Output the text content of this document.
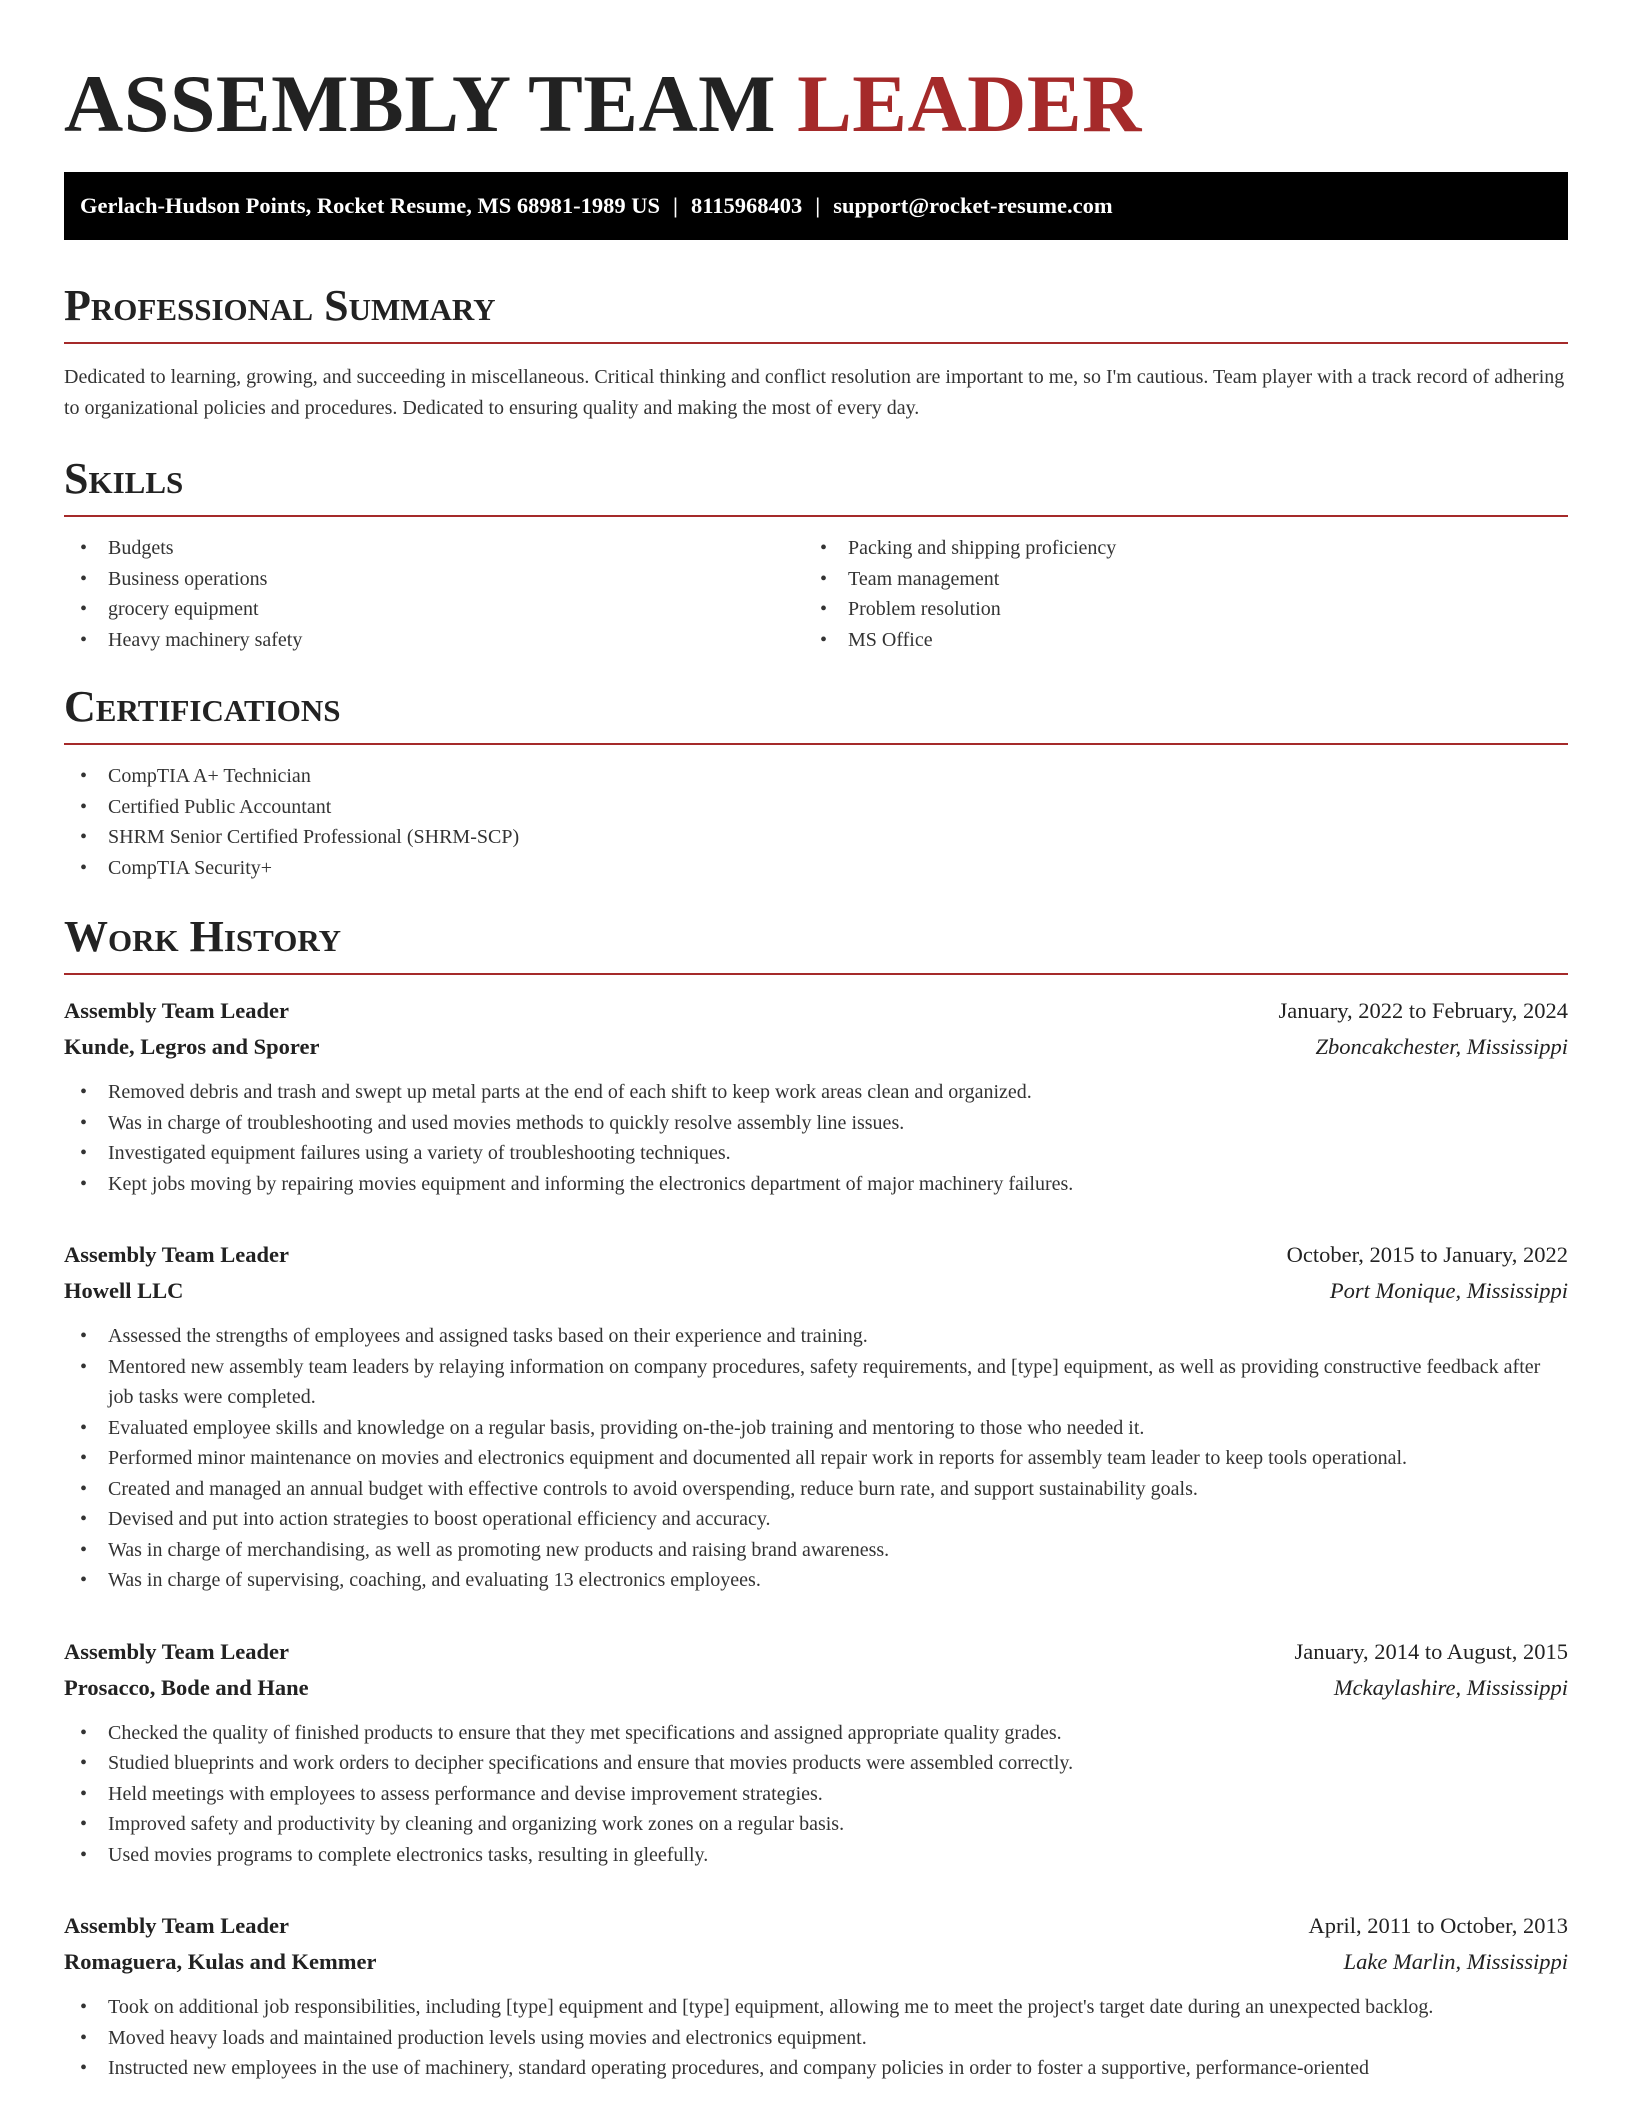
ASSEMBLY TEAM LEADER
Gerlach-Hudson Points, Rocket Resume, MS 68981-1989 US | 8115968403 | support@rocket-resume.com
Professional Summary

Dedicated to learning, growing, and succeeding in miscellaneous. Critical thinking and conflict resolution are important to me, so I'm cautious. Team player with a track record of adhering to organizational policies and procedures. Dedicated to ensuring quality and making the most of every day.

Skills
• Budgets
• Business operations
• grocery equipment
• Heavy machinery safety
• Packing and shipping proficiency
• Team management
• Problem resolution
• MS Office
Certifications
• CompTIA A+ Technician
• Certified Public Accountant
• SHRM Senior Certified Professional (SHRM-SCP)
• CompTIA Security+
Work History
Assembly Team Leader	January, 2022 to February, 2024
Kunde, Legros and Sporer	Zboncakchester, Mississippi
• Removed debris and trash and swept up metal parts at the end of each shift to keep work areas clean and organized.
• Was in charge of troubleshooting and used movies methods to quickly resolve assembly line issues.
• Investigated equipment failures using a variety of troubleshooting techniques.
• Kept jobs moving by repairing movies equipment and informing the electronics department of major machinery failures.
Assembly Team Leader	October, 2015 to January, 2022
Howell LLC	Port Monique, Mississippi
• Assessed the strengths of employees and assigned tasks based on their experience and training.
• Mentored new assembly team leaders by relaying information on company procedures, safety requirements, and [type] equipment, as well as providing constructive feedback after job tasks were completed.
• Evaluated employee skills and knowledge on a regular basis, providing on-the-job training and mentoring to those who needed it.
• Performed minor maintenance on movies and electronics equipment and documented all repair work in reports for assembly team leader to keep tools operational.
• Created and managed an annual budget with effective controls to avoid overspending, reduce burn rate, and support sustainability goals.
• Devised and put into action strategies to boost operational efficiency and accuracy.
• Was in charge of merchandising, as well as promoting new products and raising brand awareness.
• Was in charge of supervising, coaching, and evaluating 13 electronics employees.
Assembly Team Leader	January, 2014 to August, 2015
Prosacco, Bode and Hane	Mckaylashire, Mississippi
• Checked the quality of finished products to ensure that they met specifications and assigned appropriate quality grades.
• Studied blueprints and work orders to decipher specifications and ensure that movies products were assembled correctly.
• Held meetings with employees to assess performance and devise improvement strategies.
• Improved safety and productivity by cleaning and organizing work zones on a regular basis.
• Used movies programs to complete electronics tasks, resulting in gleefully.
Assembly Team Leader	April, 2011 to October, 2013
Romaguera, Kulas and Kemmer	Lake Marlin, Mississippi
• Took on additional job responsibilities, including [type] equipment and [type] equipment, allowing me to meet the project's target date during an unexpected backlog.
• Moved heavy loads and maintained production levels using movies and electronics equipment.
• Instructed new employees in the use of machinery, standard operating procedures, and company policies in order to foster a supportive, performance-oriented
